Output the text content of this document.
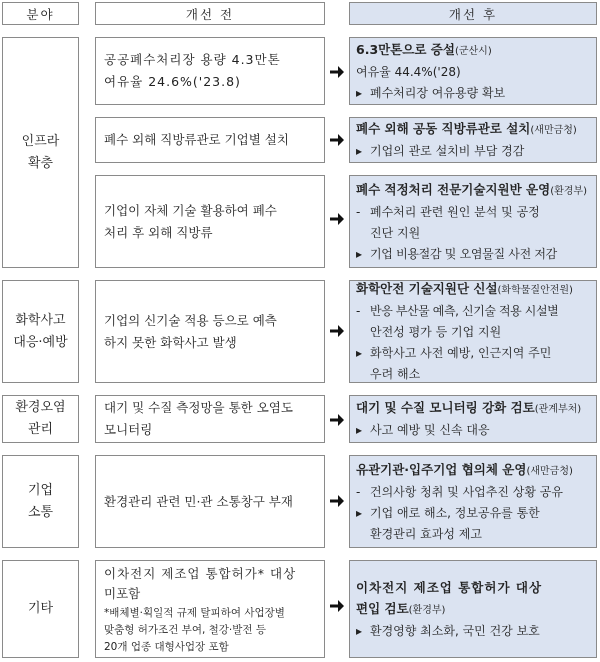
분야	개선 전	개선 후
인프라
확충
공공폐수처리장 용량 4.3만톤
여유율 24.6%('23.8)
6.3만톤으로 증설(군산시)
여유율 44.4%('28)
▸ 폐수처리장 여유용량 확보
폐수 외해 직방류관로 기업별 설치
폐수 외해 공동 직방류관로 설치(새만금청)
▸ 기업의 관로 설치비 부담 경감
기업이 자체 기술 활용하여 폐수
처리 후 외해 직방류
폐수 적정처리 전문기술지원반 운영(환경부)
- 폐수처리 관련 원인 분석 및 공정
진단 지원
▸ 기업 비용절감 및 오염물질 사전 저감
화학사고
대응·예방
기업의 신기술 적용 등으로 예측
하지 못한 화학사고 발생
화학안전 기술지원단 신설(화학물질안전원)
- 반응 부산물 예측, 신기술 적용 시설별
안전성 평가 등 기업 지원
▸ 화학사고 사전 예방, 인근지역 주민
우려 해소
환경오염
관리
대기 및 수질 측정망을 통한 오염도
모니터링
대기 및 수질 모니터링 강화 검토(관계부처)
▸ 사고 예방 및 신속 대응
기업
소통
환경관리 관련 민·관 소통창구 부재
유관기관·입주기업 협의체 운영(새만금청)
- 건의사항 청취 및 사업추진 상황 공유
▸ 기업 애로 해소, 정보공유를 통한
환경관리 효과성 제고
기타
이차전지 제조업 통합허가* 대상
미포함
*배체별·획일적 규제 탈피하여 사업장별
맞춤형 허가조건 부여, 철강·발전 등
20개 업종 대형사업장 포함
이차전지 제조업 통합허가 대상
편입 검토(환경부)
▸ 환경영향 최소화, 국민 건강 보호
